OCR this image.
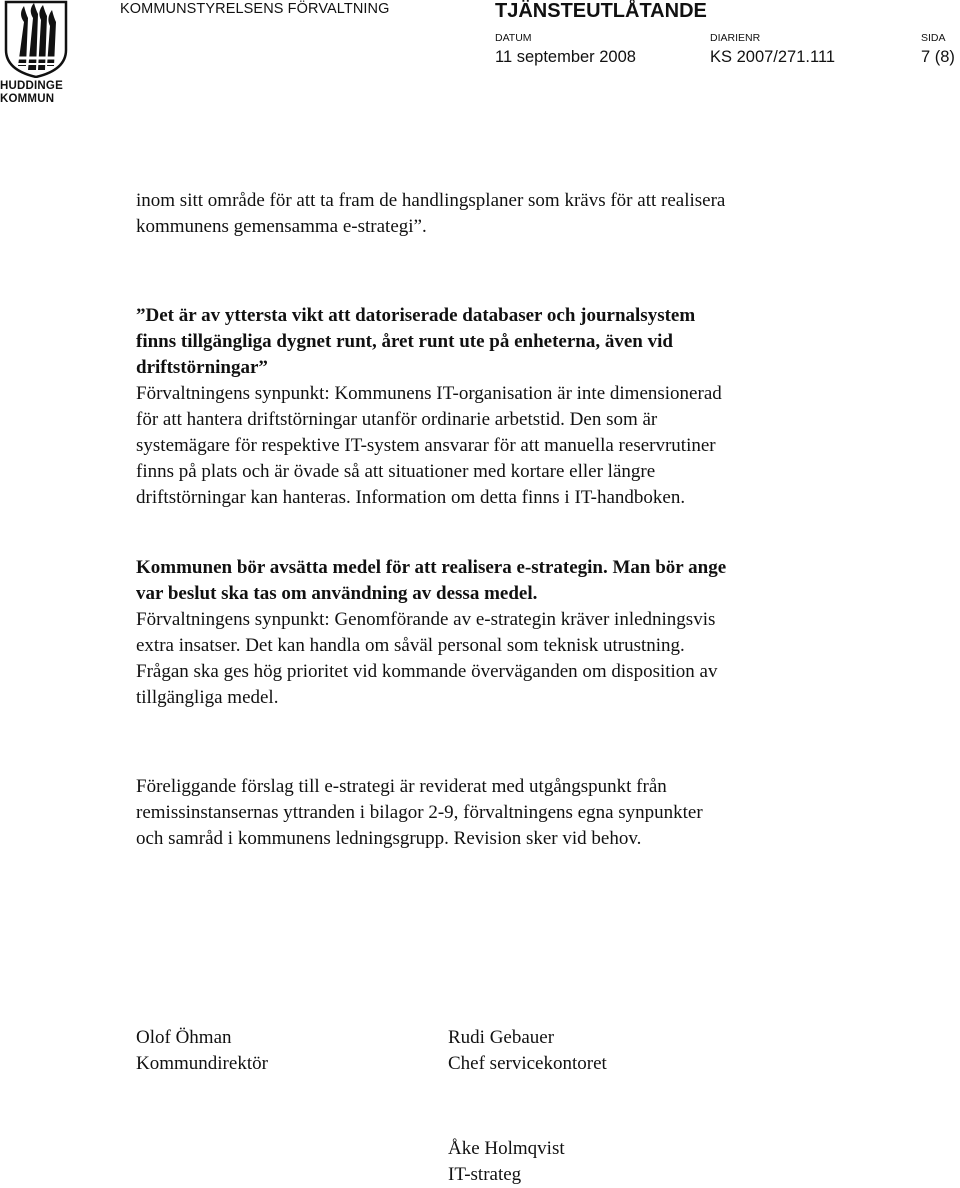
HUDDINGE
KOMMUN
KOMMUNSTYRELSENS FÖRVALTNING	TJÄNSTEUTLÅTANDE
DATUM	DIARIENR	SIDA
11 september 2008	KS 2007/271.111	7 (8)
inom sitt område för att ta fram de handlingsplaner som krävs för att realisera
kommunens gemensamma e-strategi”.
”Det är av yttersta vikt att datoriserade databaser och journalsystem
finns tillgängliga dygnet runt, året runt ute på enheterna, även vid
driftstörningar”
Förvaltningens synpunkt: Kommunens IT-organisation är inte dimensionerad
för att hantera driftstörningar utanför ordinarie arbetstid. Den som är
systemägare för respektive IT-system ansvarar för att manuella reservrutiner
finns på plats och är övade så att situationer med kortare eller längre
driftstörningar kan hanteras. Information om detta finns i IT-handboken.
Kommunen bör avsätta medel för att realisera e-strategin. Man bör ange
var beslut ska tas om användning av dessa medel.
Förvaltningens synpunkt: Genomförande av e-strategin kräver inledningsvis
extra insatser. Det kan handla om såväl personal som teknisk utrustning.
Frågan ska ges hög prioritet vid kommande överväganden om disposition av
tillgängliga medel.
Föreliggande förslag till e-strategi är reviderat med utgångspunkt från
remissinstansernas yttranden i bilagor 2-9, förvaltningens egna synpunkter
och samråd i kommunens ledningsgrupp. Revision sker vid behov.
Olof Öhman
Kommundirektör
Rudi Gebauer
Chef servicekontoret
Åke Holmqvist
IT-strateg
